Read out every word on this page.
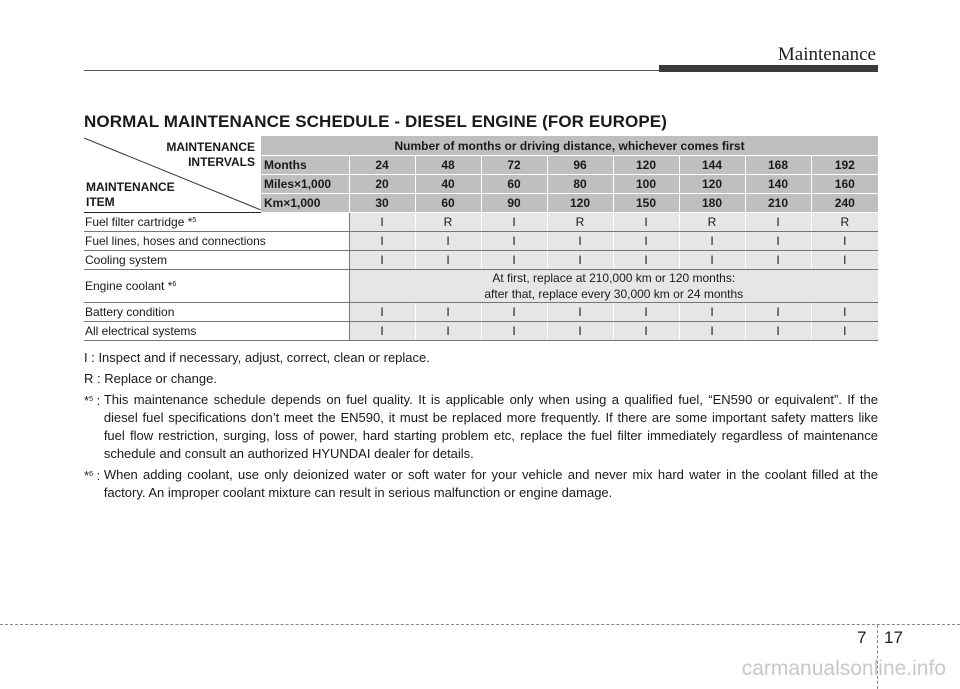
Maintenance
NORMAL MAINTENANCE SCHEDULE - DIESEL ENGINE (FOR EUROPE)
MAINTENANCE
INTERVALS
MAINTENANCE
ITEM	Number of months or driving distance, whichever comes first								
	Months	24	48	72	96	120	144	168	192
	Miles×1,000	20	40	60	80	100	120	140	160
	Km×1,000	30	60	90	120	150	180	210	240
Fuel filter cartridge *$^5$		I	R	I	R	I	R	I	R
Fuel lines, hoses and connections		I	I	I	I	I	I	I	I
Cooling system		I	I	I	I	I	I	I	I
Engine coolant *$^6$		At first, replace at 210,000 km or 120 months:
after that, replace every 30,000 km or 24 months							

Battery condition		I	I	I	I	I	I	I	I
All electrical systems		I	I	I	I	I	I	I	I
I : Inspect and if necessary, adjust, correct, clean or replace.
R : Replace or change.
*$^5$ : This maintenance schedule depends on fuel quality. It is applicable only when using a qualified fuel, “EN590 or equivalent”. If the diesel fuel specifications don’t meet the EN590, it must be replaced more frequently. If there are some important safety matters like fuel flow restriction, surging, loss of power, hard starting problem etc, replace the fuel filter immediately regardless of maintenance schedule and consult an authorized HYUNDAI dealer for details.
*$^6$ : When adding coolant, use only deionized water or soft water for your vehicle and never mix hard water in the coolant filled at the factory. An improper coolant mixture can result in serious malfunction or engine damage.
7 17
carmanualsonline.info
